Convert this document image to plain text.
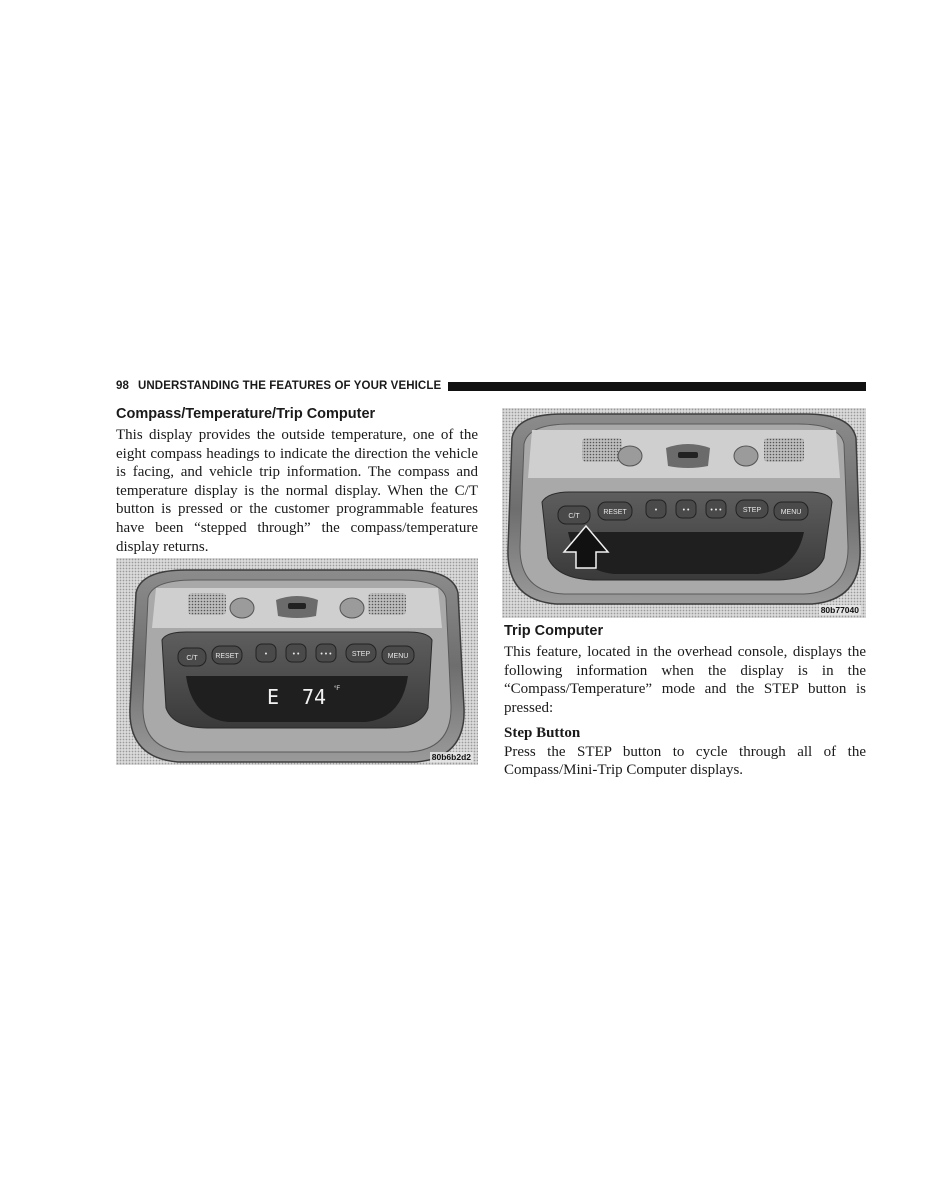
98 UNDERSTANDING THE FEATURES OF YOUR VEHICLE
Compass/Temperature/Trip Computer

This display provides the outside temperature, one of the eight compass headings to indicate the direction the vehicle is facing, and vehicle trip information. The compass and temperature display is the normal display. When the C/T button is pressed or the customer programmable features have been “stepped through” the compass/temperature display returns.

C/T	RESET	•	• •	• • •	STEP	MENU
E 74 °F
80b6b2d2
C/T
RESET	•	• •	• • •	STEP	MENU
80b77040
Trip Computer

This feature, located in the overhead console, displays the following information when the display is in the “Compass/Temperature” mode and the STEP button is pressed:

Step Button

Press the STEP button to cycle through all of the Compass/Mini-Trip Computer displays.
